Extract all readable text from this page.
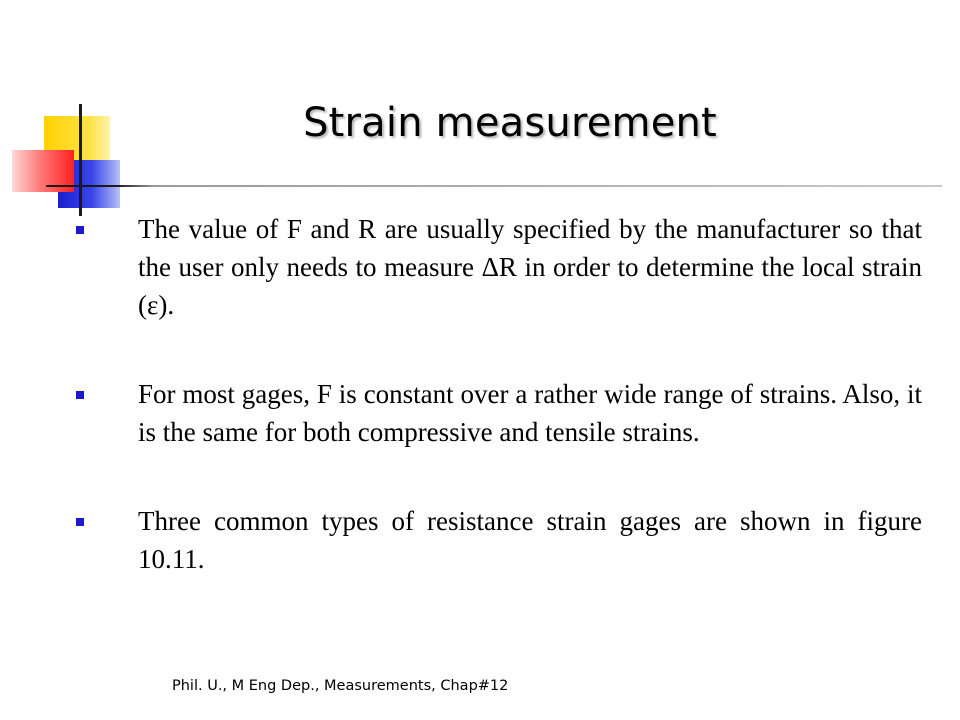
Strain measurement
The value of F and R are usually specified by the manufacturer so that the user only needs to measure ΔR in order to determine the local strain (ε).
For most gages, F is constant over a rather wide range of strains. Also, it is the same for both compressive and tensile strains.
Three common types of resistance strain gages are shown in figure 10.11.
Phil. U., M Eng Dep., Measurements, Chap#12
